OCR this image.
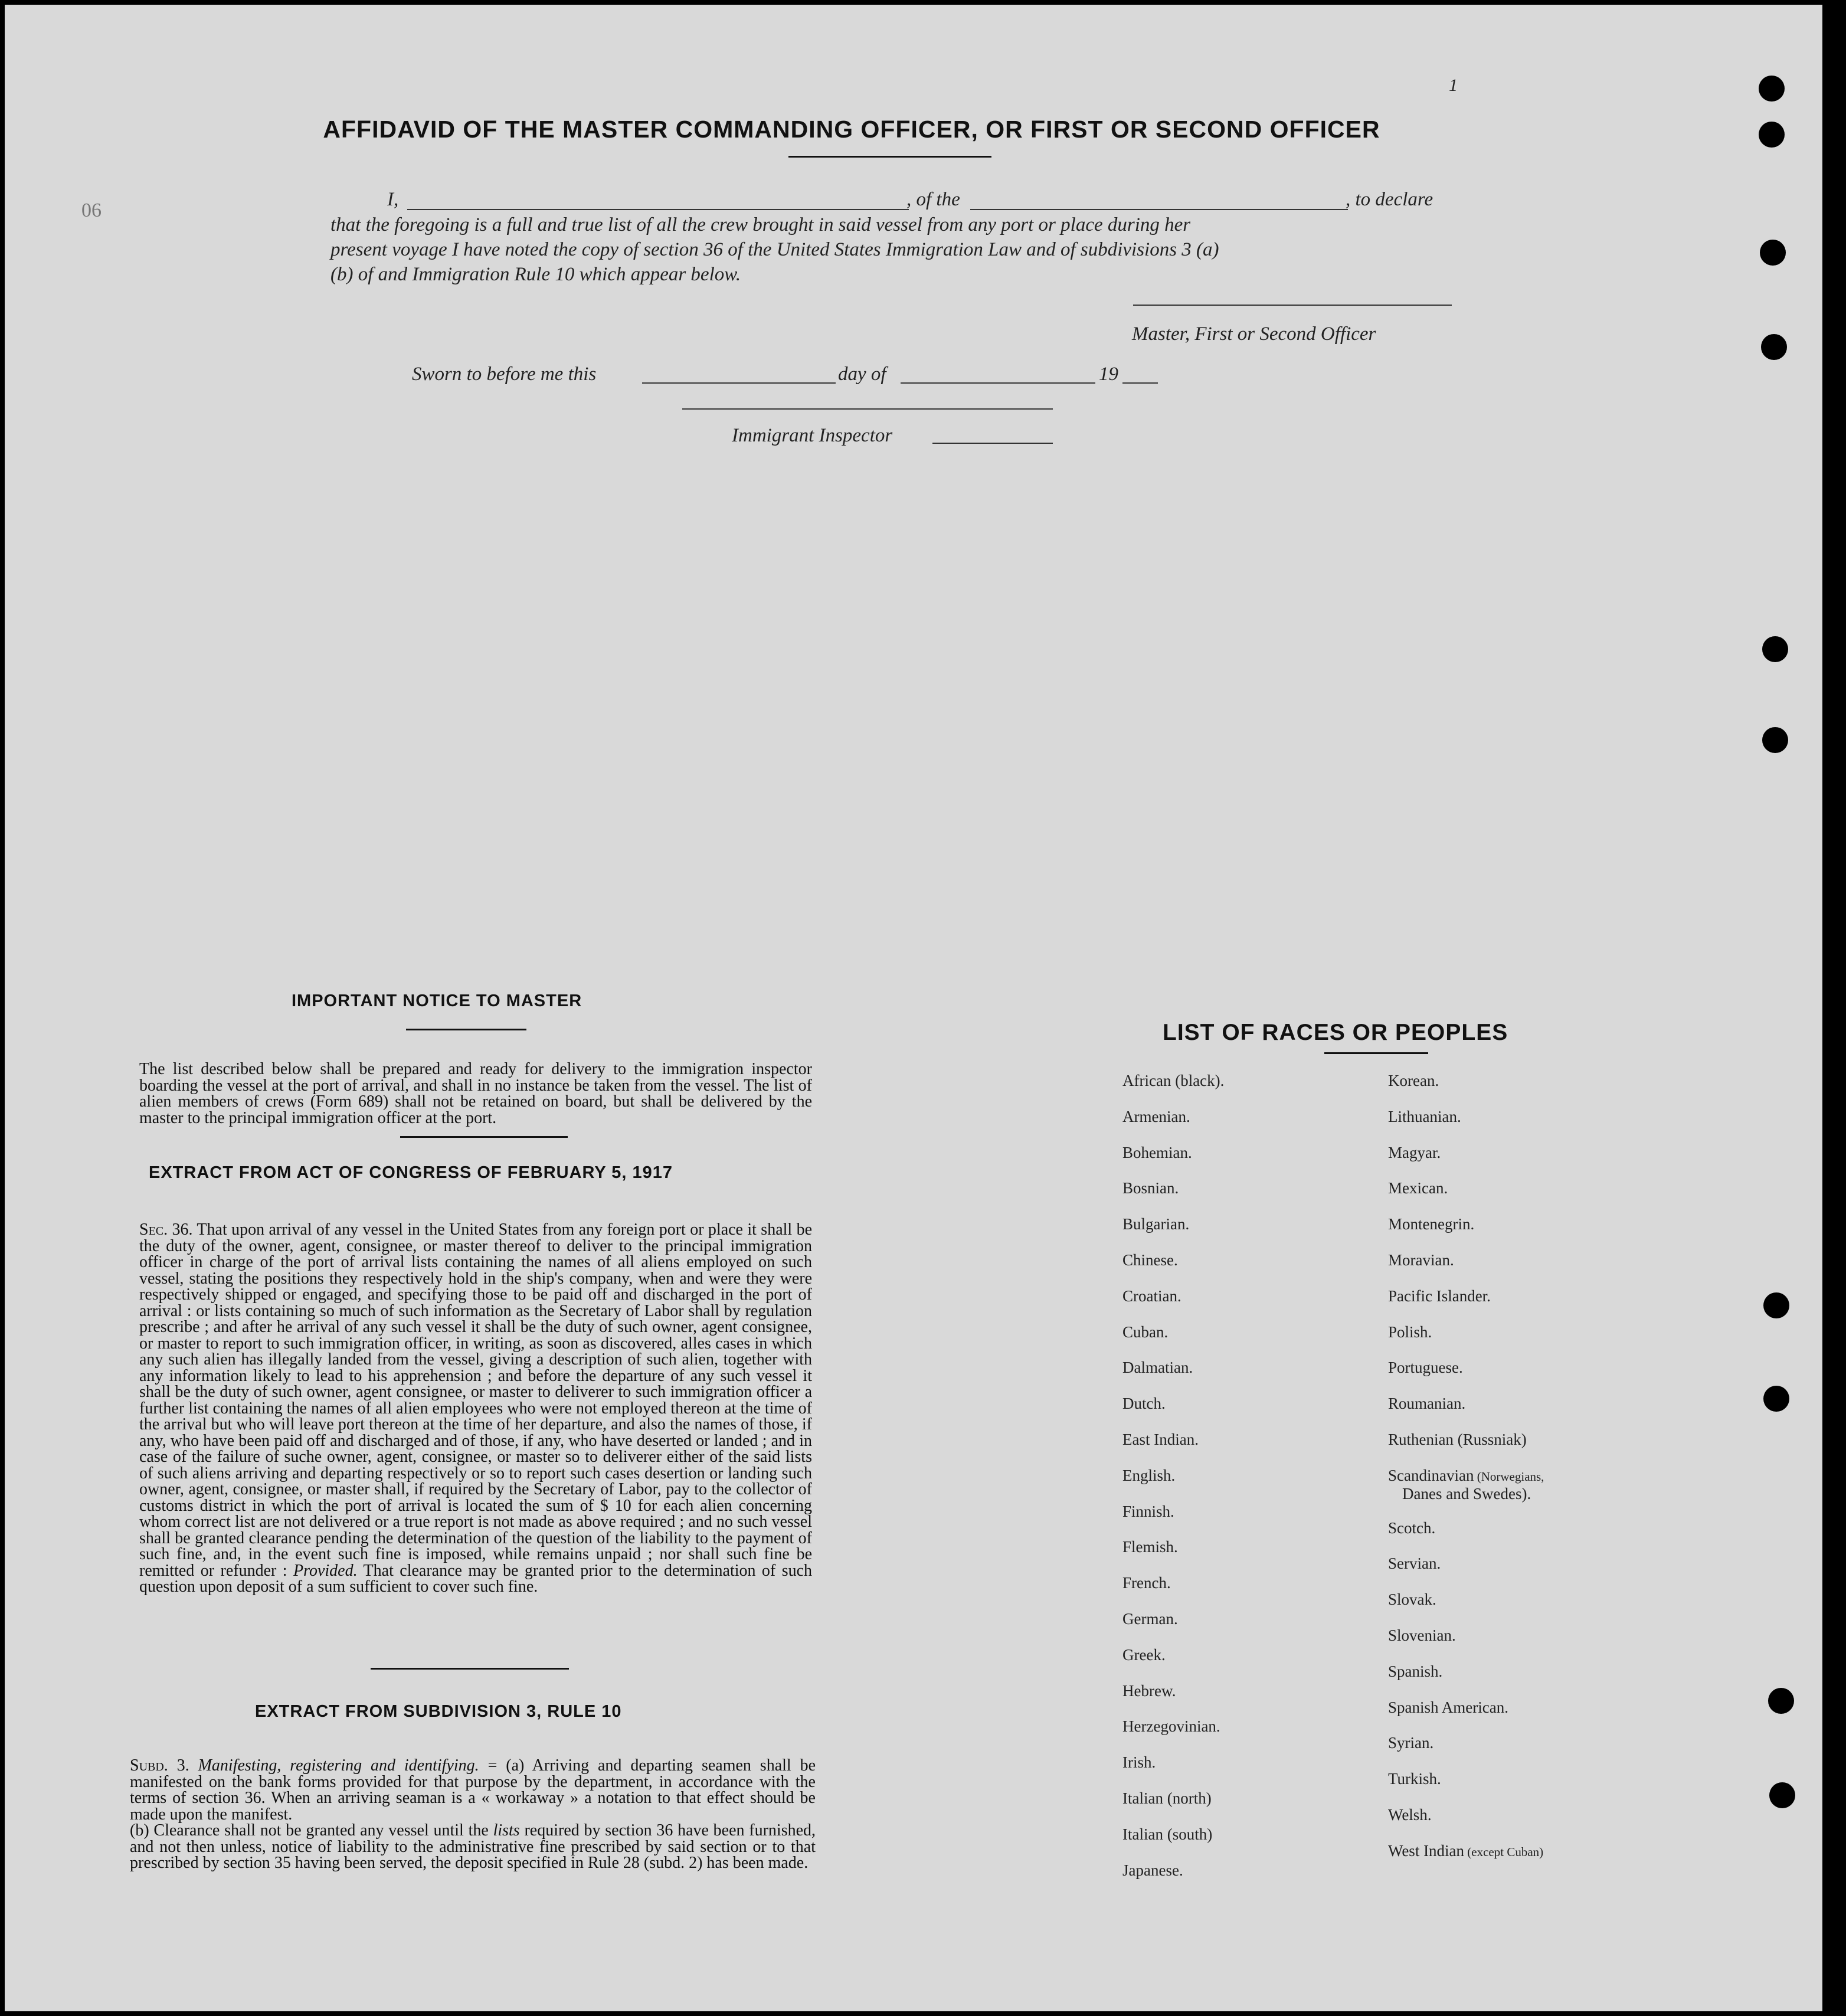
1
06
AFFIDAVID OF THE MASTER COMMANDING OFFICER, OR FIRST OR SECOND OFFICER
I,	, of the	, to declare
that the foregoing is a full and true list of all the crew brought in said vessel from any port or place during her
present voyage I have noted the copy of section 36 of the United States Immigration Law and of subdivisions 3 (a)
(b) of and Immigration Rule 10 which appear below.
Master, First or Second Officer
Sworn to before me this	day of	19
Immigrant Inspector
IMPORTANT NOTICE TO MASTER
The list described below shall be prepared and ready for delivery to the immigration inspector boarding the vessel at the port of arrival, and shall in no instance be taken from the vessel. The list of alien members of crews (Form 689) shall not be retained on board, but shall be delivered by the master to the principal immigration officer at the port.
EXTRACT FROM ACT OF CONGRESS OF FEBRUARY 5, 1917
Sec. 36. That upon arrival of any vessel in the United States from any foreign port or place it shall be the duty of the owner, agent, consignee, or master thereof to deliver to the principal immigration officer in charge of the port of arrival lists containing the names of all aliens employed on such vessel, stating the positions they respectively hold in the ship's company, when and were they were respectively shipped or engaged, and specifying those to be paid off and discharged in the port of arrival : or lists containing so much of such information as the Secretary of Labor shall by regulation prescribe ; and after he arrival of any such vessel it shall be the duty of such owner, agent consignee, or master to report to such immigration officer, in writing, as soon as discovered, alles cases in which any such alien has illegally landed from the vessel, giving a description of such alien, together with any information likely to lead to his apprehension ; and before the departure of any such vessel it shall be the duty of such owner, agent consignee, or master to deliverer to such immigration officer a further list containing the names of all alien employees who were not employed thereon at the time of the arrival but who will leave port thereon at the time of her departure, and also the names of those, if any, who have been paid off and discharged and of those, if any, who have deserted or landed ; and in case of the failure of suche owner, agent, consignee, or master so to deliverer either of the said lists of such aliens arriving and departing respectively or so to report such cases desertion or landing such owner, agent, consignee, or master shall, if required by the Secretary of Labor, pay to the collector of customs district in which the port of arrival is located the sum of $ 10 for each alien concerning whom correct list are not delivered or a true report is not made as above required ; and no such vessel shall be granted clearance pending the determination of the question of the liability to the payment of such fine, and, in the event such fine is imposed, while remains unpaid ; nor shall such fine be remitted or refunder : Provided. That clearance may be granted prior to the determination of such question upon deposit of a sum sufficient to cover such fine.
EXTRACT FROM SUBDIVISION 3, RULE 10
Subd. 3. Manifesting, registering and identifying. = (a) Arriving and departing seamen shall be manifested on the bank forms provided for that purpose by the department, in accordance with the terms of section 36. When an arriving seaman is a « workaway » a notation to that effect should be made upon the manifest.
(b) Clearance shall not be granted any vessel until the lists required by section 36 have been furnished, and not then unless, notice of liability to the administrative fine prescribed by said section or to that prescribed by section 35 having been served, the deposit specified in Rule 28 (subd. 2) has been made.
LIST OF RACES OR PEOPLES
African (black).
Armenian.
Bohemian.
Bosnian.
Bulgarian.
Chinese.
Croatian.
Cuban.
Dalmatian.
Dutch.
East Indian.
English.
Finnish.
Flemish.
French.
German.
Greek.
Hebrew.
Herzegovinian.
Irish.
Italian (north)
Italian (south)
Japanese.
Korean.
Lithuanian.
Magyar.
Mexican.
Montenegrin.
Moravian.
Pacific Islander.
Polish.
Portuguese.
Roumanian.
Ruthenian (Russniak)
Scandinavian (Norwegians,
Danes and Swedes).
Scotch.
Servian.
Slovak.
Slovenian.
Spanish.
Spanish American.
Syrian.
Turkish.
Welsh.
West Indian (except Cuban)
